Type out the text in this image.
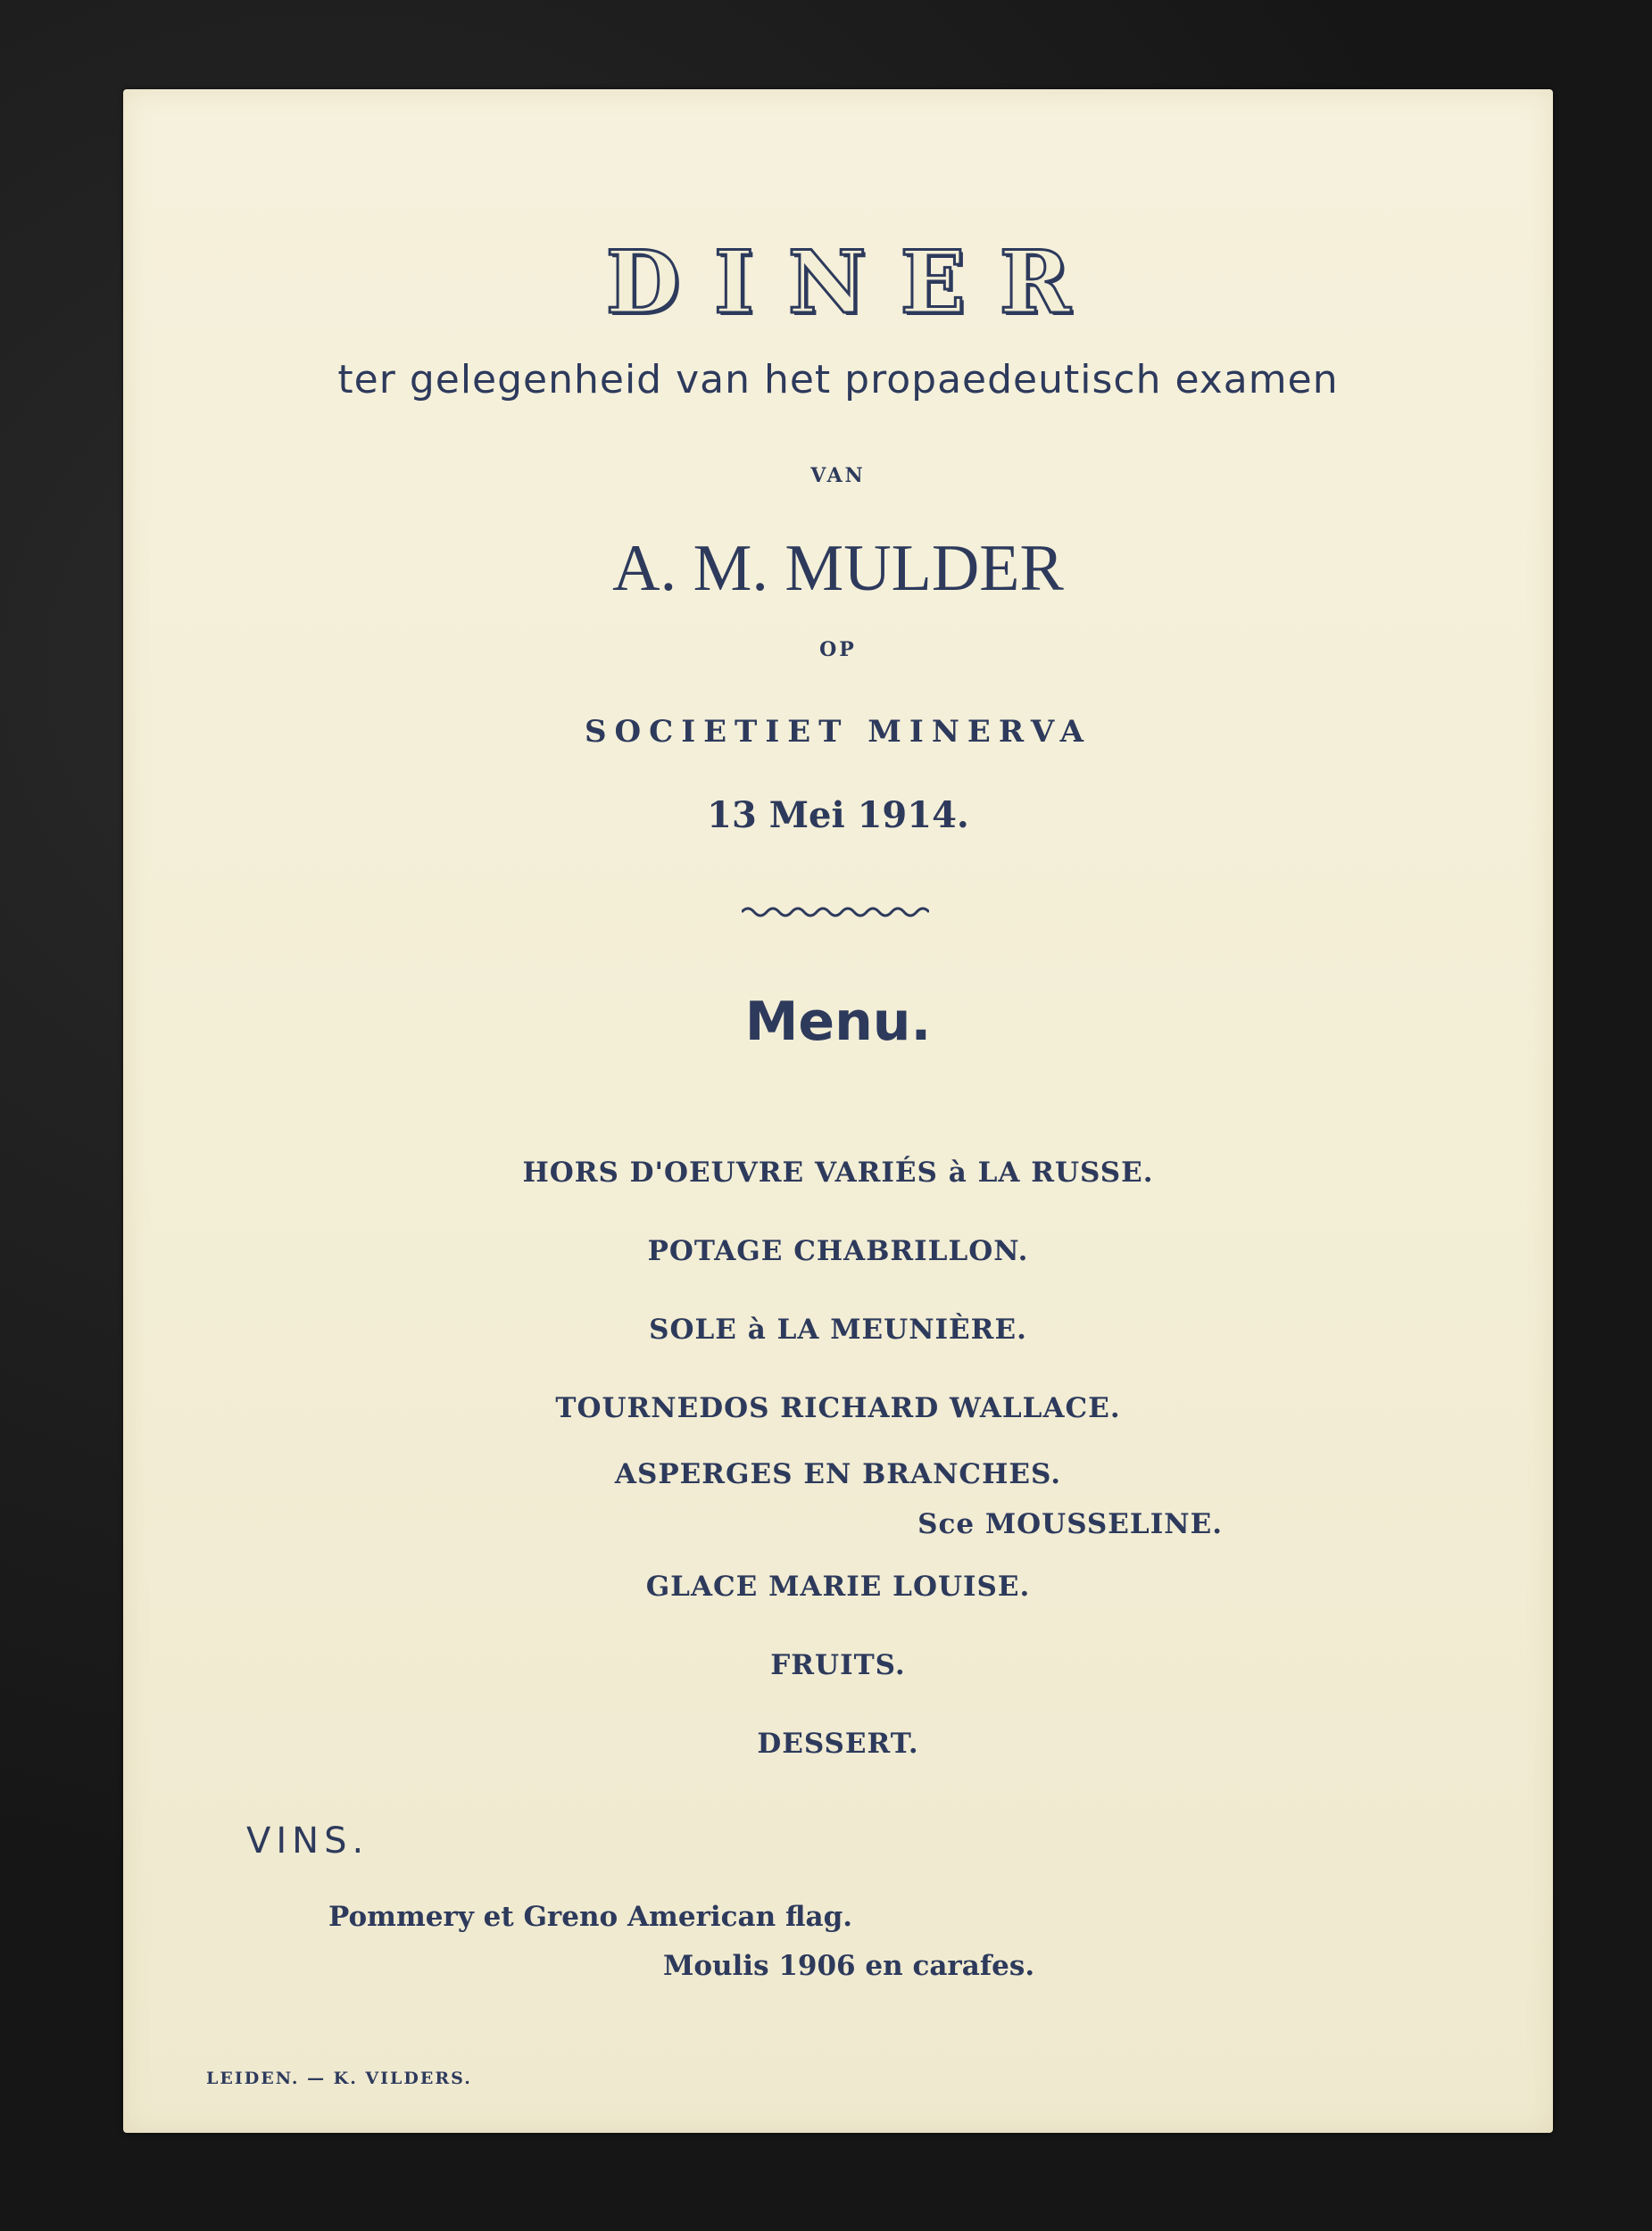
DINER
ter gelegenheid van het propaedeutisch examen
VAN
A. M. MULDER
OP
SOCIETIET MINERVA
13 Mei 1914.
Menu.
HORS D'OEUVRE VARIÉS à LA RUSSE.
POTAGE CHABRILLON.
SOLE à LA MEUNIÈRE.
TOURNEDOS RICHARD WALLACE.
ASPERGES EN BRANCHES.
Sce MOUSSELINE.
GLACE MARIE LOUISE.
FRUITS.
DESSERT.
VINS.
Pommery et Greno American flag.
Moulis 1906 en carafes.
LEIDEN. — K. VILDERS.
